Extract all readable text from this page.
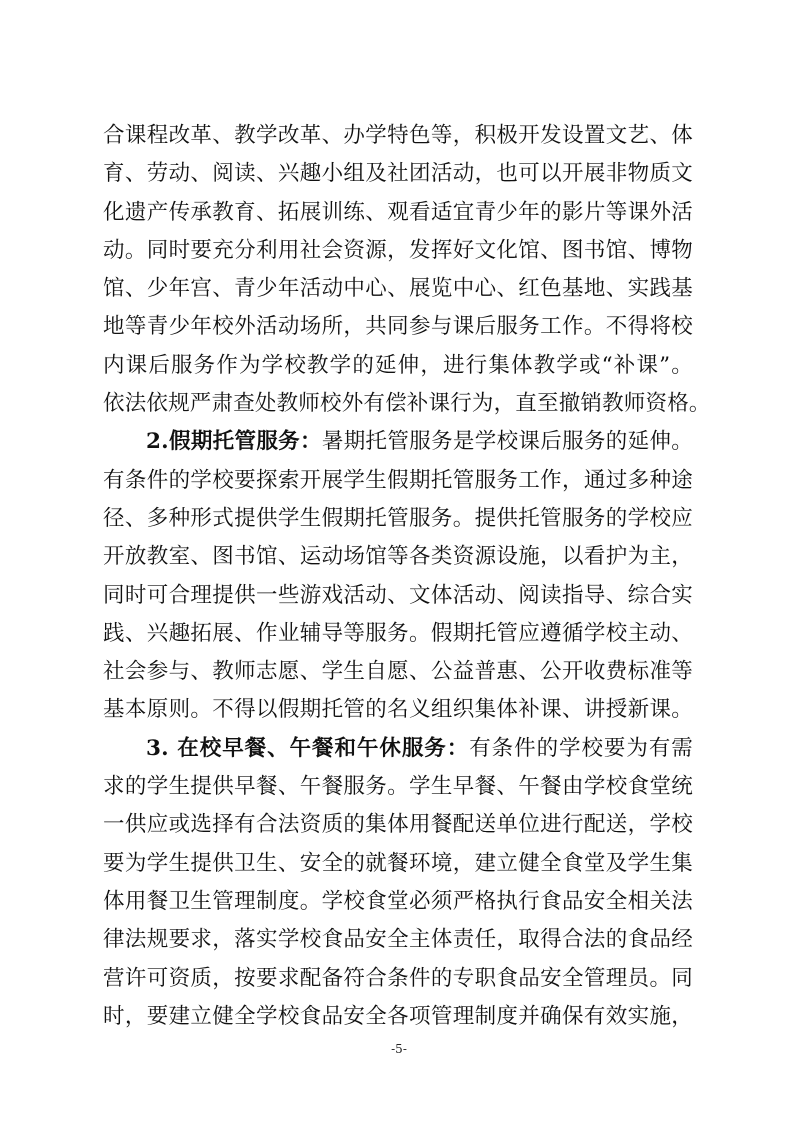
合课程改革、教学改革、办学特色等，积极开发设置文艺、体
育、劳动、阅读、兴趣小组及社团活动，也可以开展非物质文
化遗产传承教育、拓展训练、观看适宜青少年的影片等课外活
动。同时要充分利用社会资源，发挥好文化馆、图书馆、博物
馆、少年宫、青少年活动中心、展览中心、红色基地、实践基
地等青少年校外活动场所，共同参与课后服务工作。不得将校
内课后服务作为学校教学的延伸，进行集体教学或“补课”。
依法依规严肃查处教师校外有偿补课行为，直至撤销教师资格。
2.假期托管服务：暑期托管服务是学校课后服务的延伸。
有条件的学校要探索开展学生假期托管服务工作，通过多种途
径、多种形式提供学生假期托管服务。提供托管服务的学校应
开放教室、图书馆、运动场馆等各类资源设施，以看护为主，
同时可合理提供一些游戏活动、文体活动、阅读指导、综合实
践、兴趣拓展、作业辅导等服务。假期托管应遵循学校主动、
社会参与、教师志愿、学生自愿、公益普惠、公开收费标准等
基本原则。不得以假期托管的名义组织集体补课、讲授新课。
3. 在校早餐、午餐和午休服务：有条件的学校要为有需
求的学生提供早餐、午餐服务。学生早餐、午餐由学校食堂统
一供应或选择有合法资质的集体用餐配送单位进行配送，学校
要为学生提供卫生、安全的就餐环境，建立健全食堂及学生集
体用餐卫生管理制度。学校食堂必须严格执行食品安全相关法
律法规要求，落实学校食品安全主体责任，取得合法的食品经
营许可资质，按要求配备符合条件的专职食品安全管理员。同
时，要建立健全学校食品安全各项管理制度并确保有效实施，
-5-
